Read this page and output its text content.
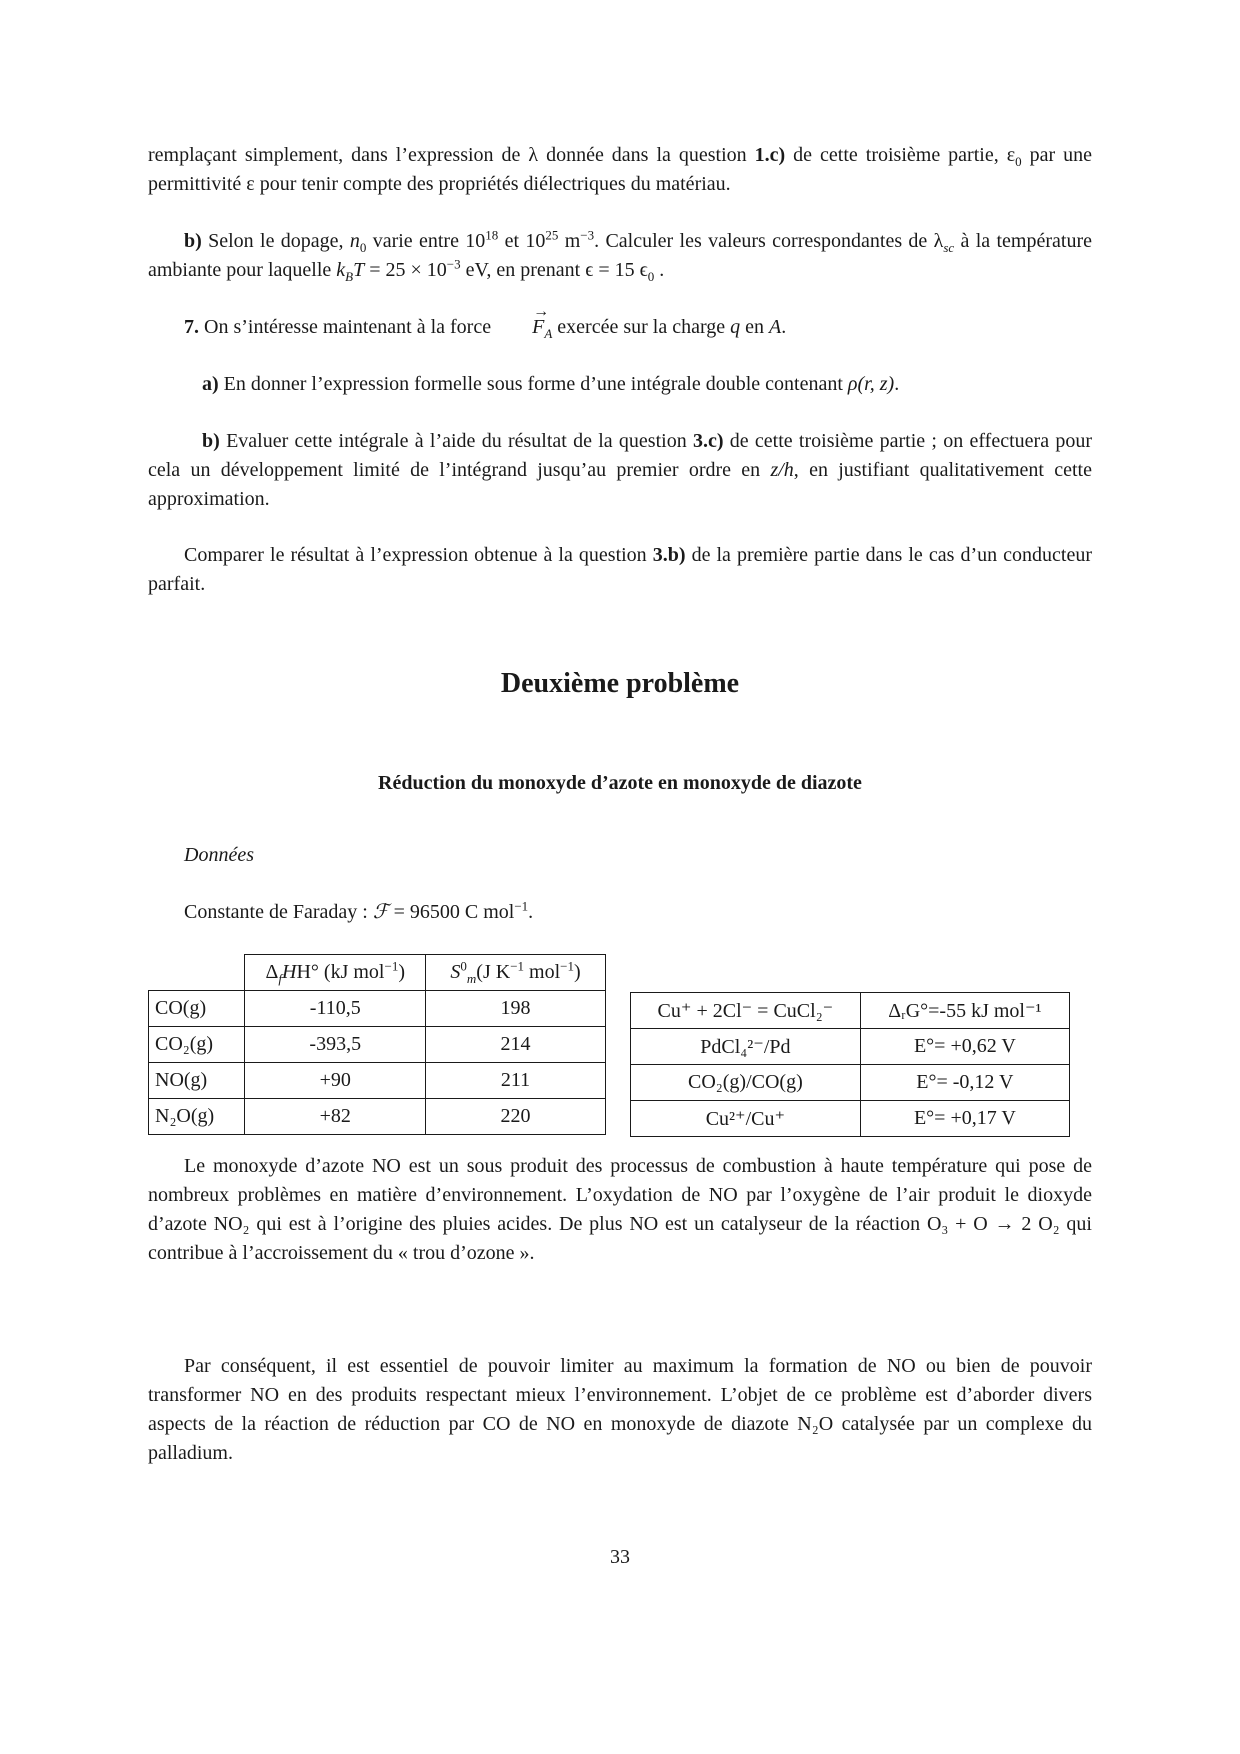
remplaçant simplement, dans l’expression de λ donnée dans la question 1.c) de cette troisième partie, $\varepsilon_0$ par une permittivité ε pour tenir compte des propriétés diélectriques du matériau.
b) Selon le dopage, $n_0$ varie entre $10^{18}$ et $10^{25}$ $m^{-3}$. Calculer les valeurs correspondantes de $\lambda_{sc}$ à la température ambiante pour laquelle $k_BT = 25 \times 10^{-3}$ eV, en prenant ϵ = 15 $\epsilon_0$ .
7. On s’intéresse maintenant à la force → $F_A$ exercée sur la charge q en A.
a) En donner l’expression formelle sous forme d’une intégrale double contenant ρ(r, z).
b) Evaluer cette intégrale à l’aide du résultat de la question 3.c) de cette troisième partie ; on effectuera pour cela un développement limité de l’intégrand jusqu’au premier ordre en z/h, en justifiant qualitativement cette approximation.
Comparer le résultat à l’expression obtenue à la question 3.b) de la première partie dans le cas d’un conducteur parfait.
Deuxième problème
Réduction du monoxyde d’azote en monoxyde de diazote
Données
Constante de Faraday : ℱ = 96500 C mol$^{-1}$.
	$\Delta_fHH^\circ$ (kJ mol$^{-1}$)	$S^0_m(J$ $K^{-1}$ mol$^{-1}$)
CO(g)	-110,5	198
CO₂(g)	-393,5	214
NO(g)	+90	211
N₂O(g)	+82	220
Cu⁺ + 2Cl⁻ = CuCl₂⁻	ΔᵣG°=-55 kJ mol⁻¹
PdCl₄²⁻/Pd	E°= +0,62 V
CO₂(g)/CO(g)	E°= -0,12 V
Cu²⁺/Cu⁺	E°= +0,17 V
Le monoxyde d’azote NO est un sous produit des processus de combustion à haute température qui pose de nombreux problèmes en matière d’environnement. L’oxydation de NO par l’oxygène de l’air produit le dioxyde d’azote NO₂ qui est à l’origine des pluies acides. De plus NO est un catalyseur de la réaction O₃ + O → 2 O₂ qui contribue à l’accroissement du « trou d’ozone ».
Par conséquent, il est essentiel de pouvoir limiter au maximum la formation de NO ou bien de pouvoir transformer NO en des produits respectant mieux l’environnement. L’objet de ce problème est d’aborder divers aspects de la réaction de réduction par CO de NO en monoxyde de diazote N₂O catalysée par un complexe du palladium.
33
